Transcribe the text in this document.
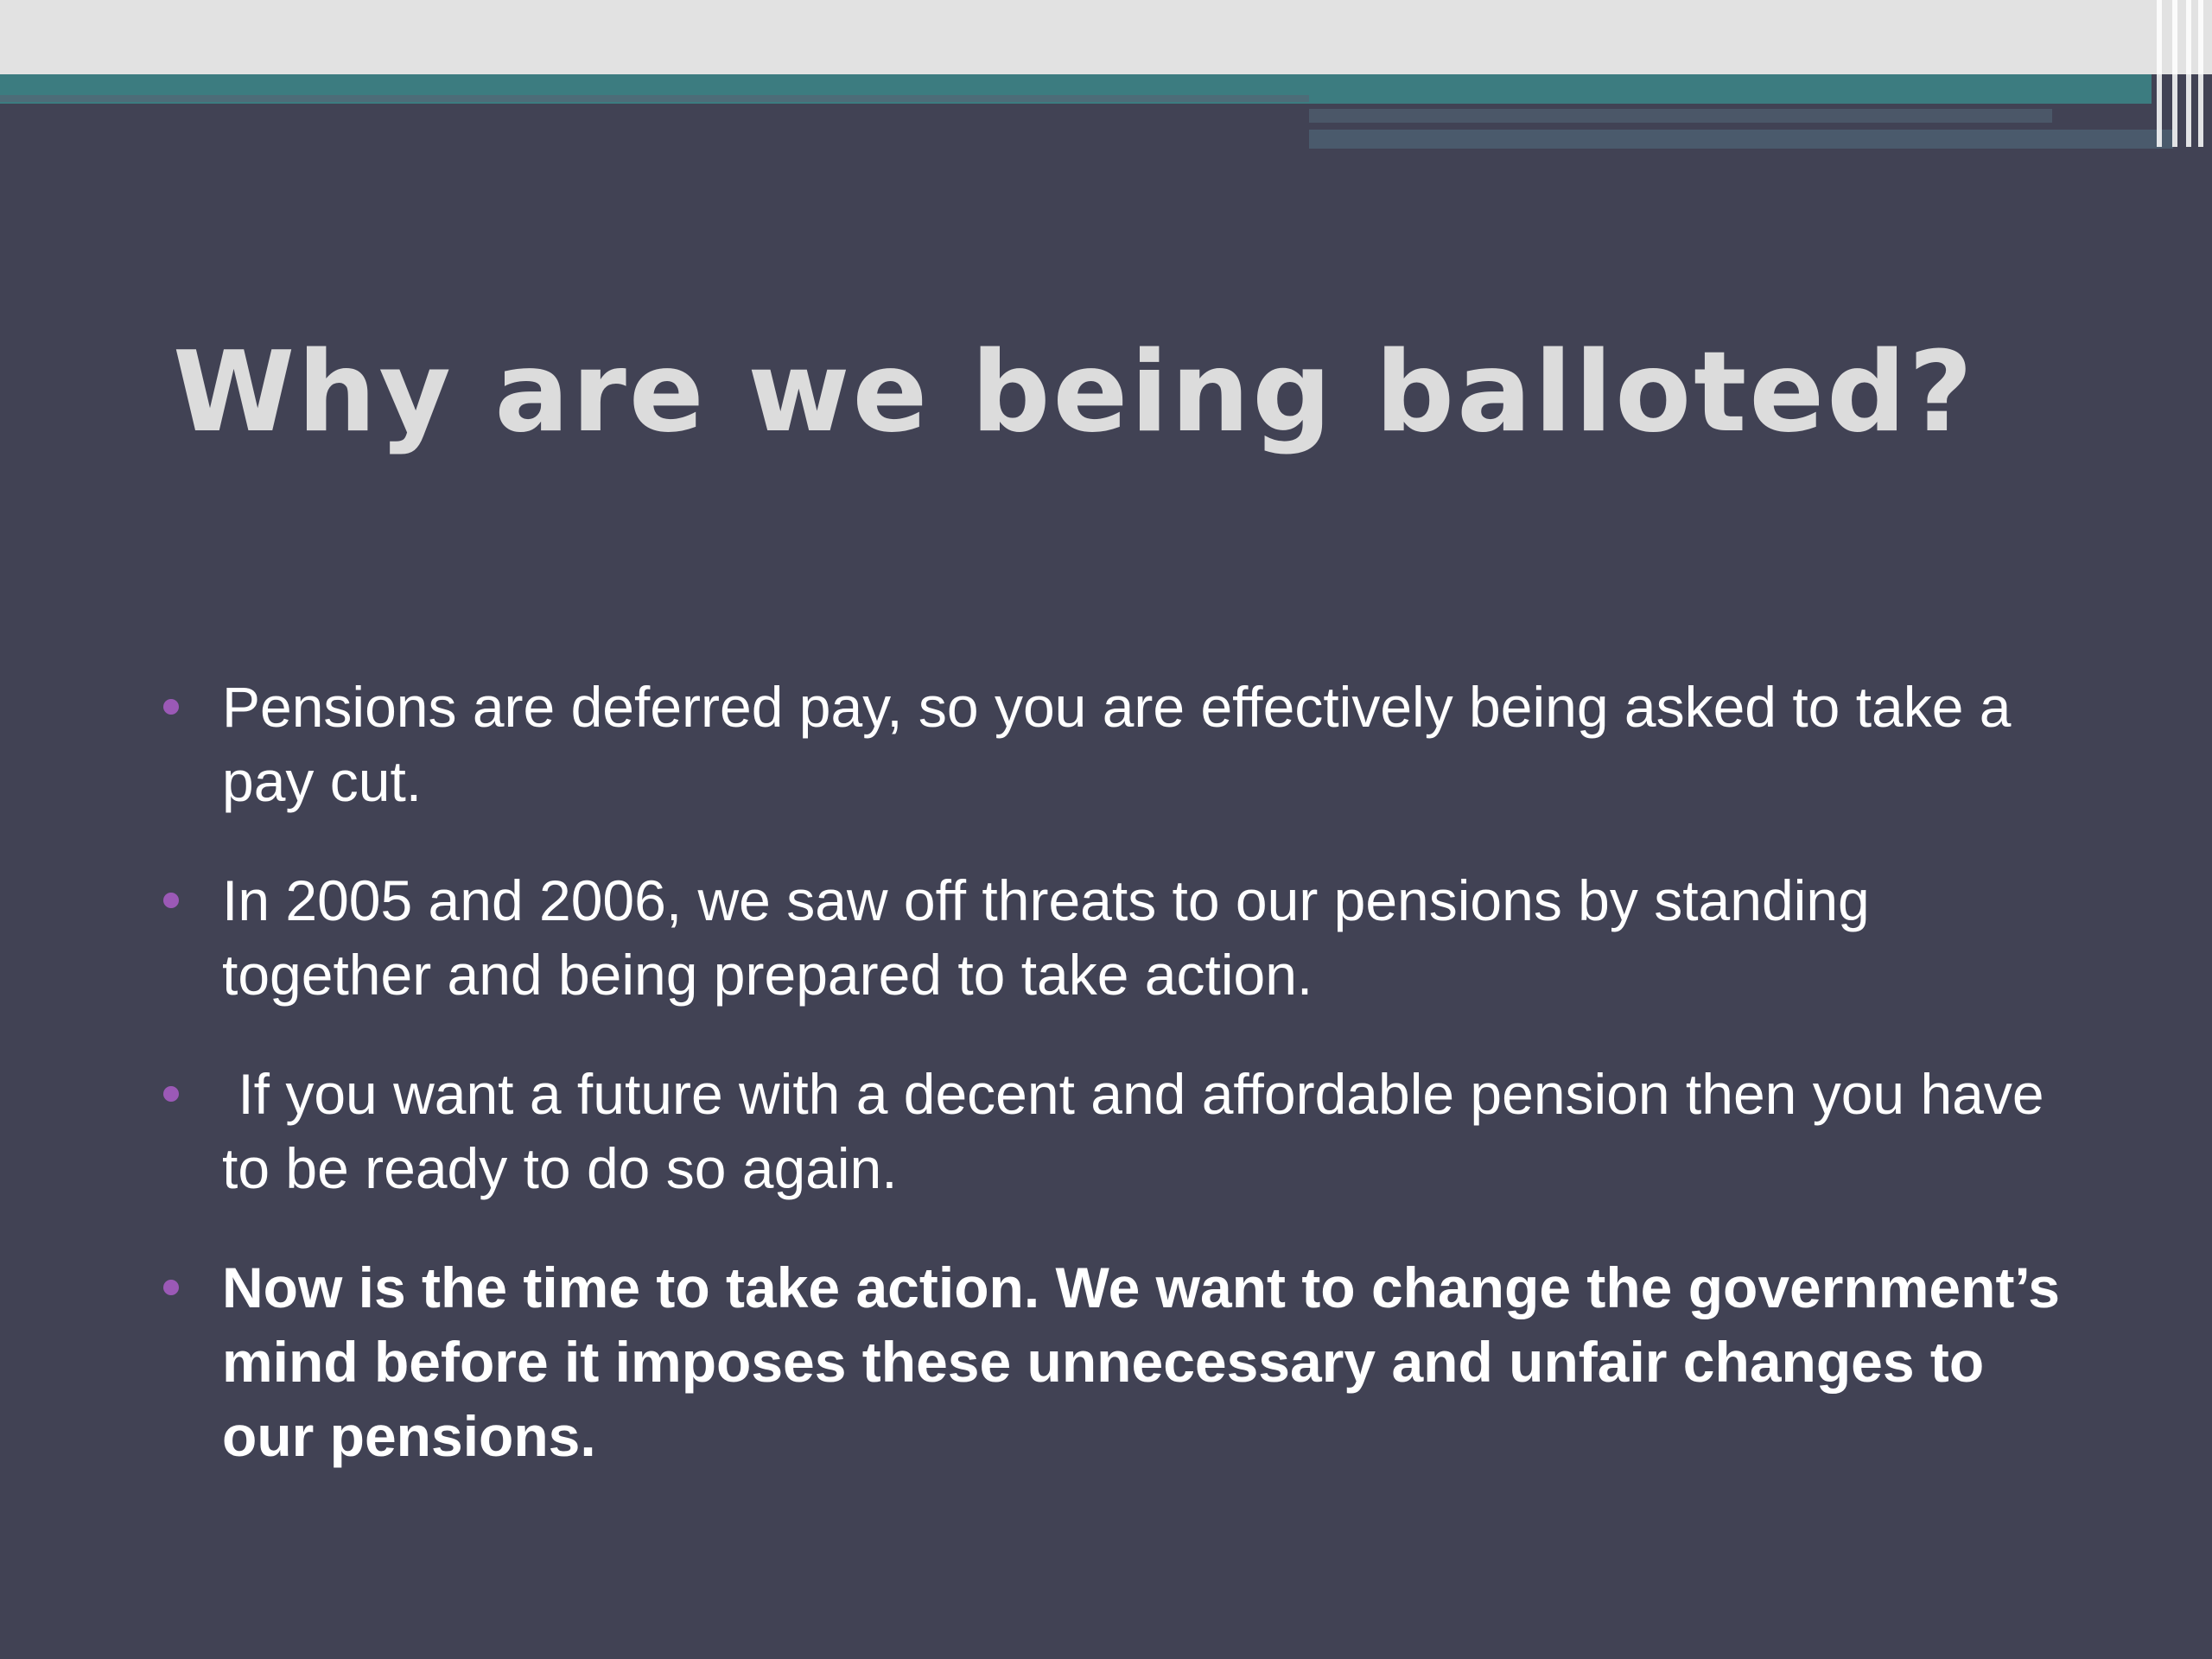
Why are we being balloted?
Pensions are deferred pay, so you are effectively being asked to take a pay cut.
In 2005 and 2006, we saw off threats to our pensions by standing together and being prepared to take action.
If you want a future with a decent and affordable pension then you have to be ready to do so again.
Now is the time to take action. We want to change the government’s mind before it imposes these unnecessary and unfair changes to our pensions.
